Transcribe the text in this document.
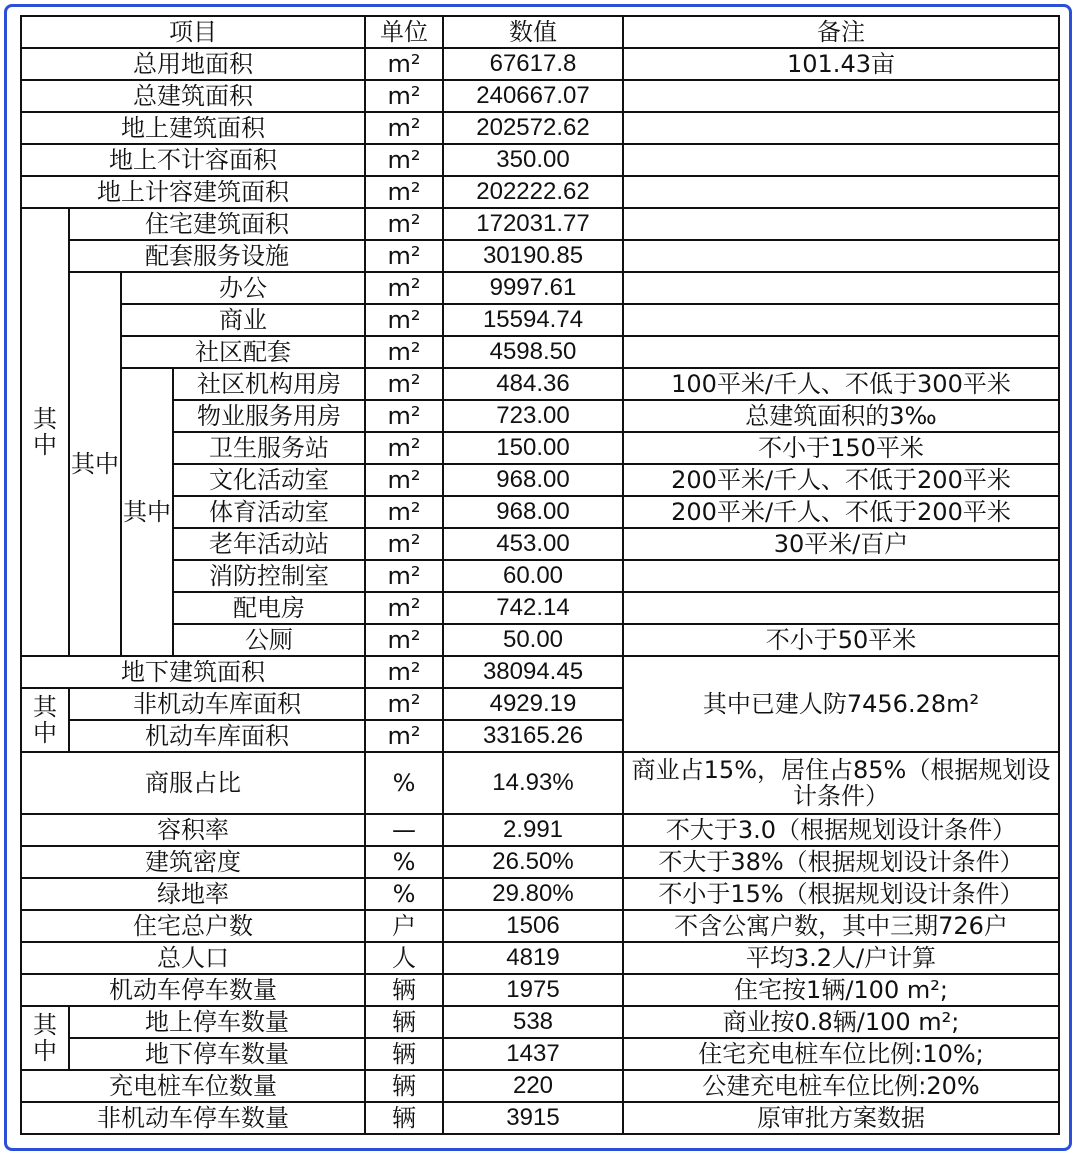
项目				单位	数值	备注
总用地面积				m²	67617.8	101.43亩
总建筑面积				m²	240667.07	
地上建筑面积				m²	202572.62	
地上不计容面积				m²	350.00	
地上计容建筑面积				m²	202222.62	
其中	住宅建筑面积			m²	172031.77	
	配套服务设施			m²	30190.85	
	其中	办公		m²	9997.61	
		商业		m²	15594.74	
		社区配套		m²	4598.50	
		其中	社区机构用房	m²	484.36	100平米/千人、不低于300平米
			物业服务用房	m²	723.00	总建筑面积的3‰
			卫生服务站	m²	150.00	不小于150平米
			文化活动室	m²	968.00	200平米/千人、不低于200平米
			体育活动室	m²	968.00	200平米/千人、不低于200平米
			老年活动站	m²	453.00	30平米/百户
			消防控制室	m²	60.00	
			配电房	m²	742.14	
			公厕	m²	50.00	不小于50平米
地下建筑面积				m²	38094.45	其中已建人防7456.28m²
其中	非机动车库面积			m²	4929.19	
	机动车库面积			m²	33165.26	
商服占比				%	14.93%	商业占15%，居住占85%（根据规划设计条件）
容积率				—	2.991	不大于3.0（根据规划设计条件）
建筑密度				%	26.50%	不大于38%（根据规划设计条件）
绿地率				%	29.80%	不小于15%（根据规划设计条件）
住宅总户数				户	1506	不含公寓户数，其中三期726户
总人口				人	4819	平均3.2人/户计算
机动车停车数量				辆	1975	住宅按1辆/100 m²;
其中	地上停车数量			辆	538	商业按0.8辆/100 m²;
	地下停车数量			辆	1437	住宅充电桩车位比例:10%;
充电桩车位数量				辆	220	公建充电桩车位比例:20%
非机动车停车数量				辆	3915	原审批方案数据
